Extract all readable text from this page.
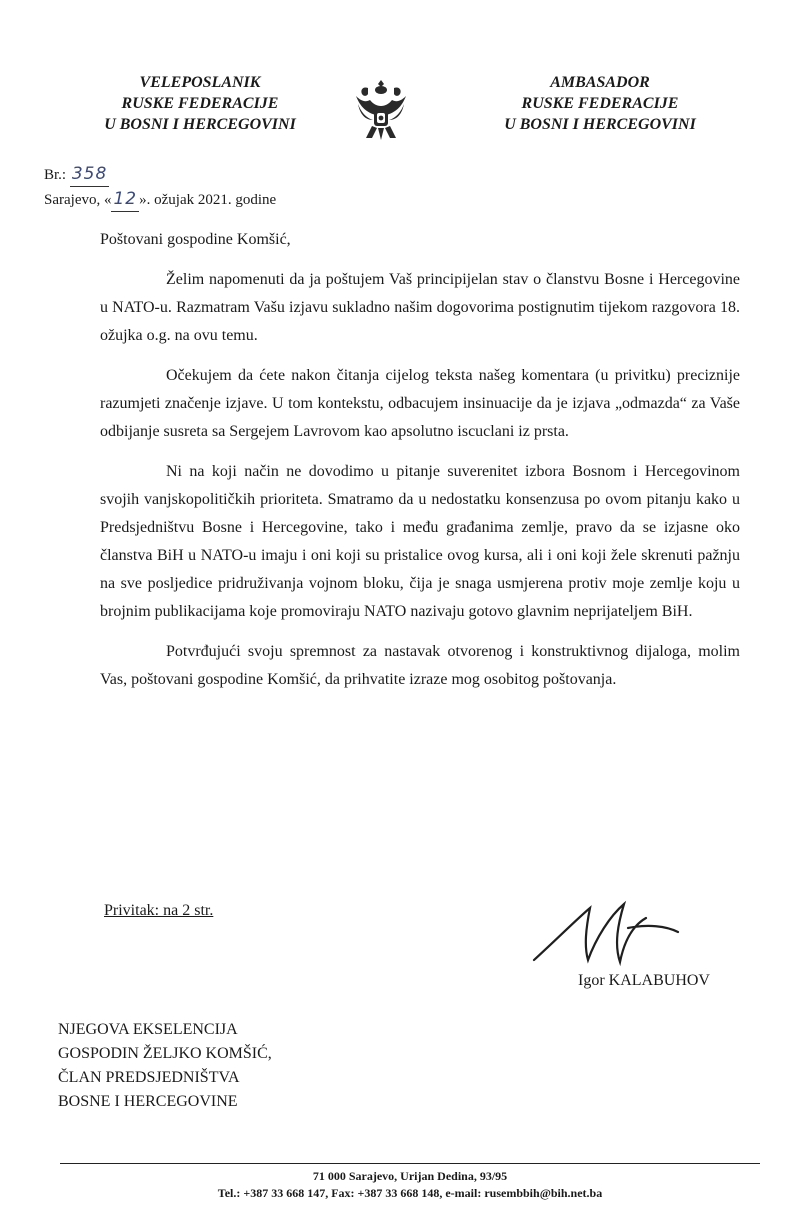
VELEPOSLANIK
RUSKE FEDERACIJE
U BOSNI I HERCEGOVINI
AMBASADOR
RUSKE FEDERACIJE
U BOSNI I HERCEGOVINI
Br.: 358
Sarajevo, « 12 ». ožujak 2021. godine

Poštovani gospodine Komšić,

Želim napomenuti da ja poštujem Vaš principijelan stav o članstvu Bosne i Hercegovine u NATO-u. Razmatram Vašu izjavu sukladno našim dogovorima postignutim tijekom razgovora 18. ožujka o.g. na ovu temu.

Očekujem da ćete nakon čitanja cijelog teksta našeg komentara (u privitku) preciznije razumjeti značenje izjave. U tom kontekstu, odbacujem insinuacije da je izjava „odmazda“ za Vaše odbijanje susreta sa Sergejem Lavrovom kao apsolutno iscuclani iz prsta.

Ni na koji način ne dovodimo u pitanje suverenitet izbora Bosnom i Hercegovinom svojih vanjskopolitičkih prioriteta. Smatramo da u nedostatku konsenzusa po ovom pitanju kako u Predsjedništvu Bosne i Hercegovine, tako i među građanima zemlje, pravo da se izjasne oko članstva BiH u NATO-u imaju i oni koji su pristalice ovog kursa, ali i oni koji žele skrenuti pažnju na sve posljedice pridruživanja vojnom bloku, čija je snaga usmjerena protiv moje zemlje koju u brojnim publikacijama koje promoviraju NATO nazivaju gotovo glavnim neprijateljem BiH.

Potvrđujući svoju spremnost za nastavak otvorenog i konstruktivnog dijaloga, molim Vas, poštovani gospodine Komšić, da prihvatite izraze mog osobitog poštovanja.

Privitak: na 2 str.
Igor KALABUHOV
NJEGOVA EKSELENCIJA
GOSPODIN ŽELJKO KOMŠIĆ,
ČLAN PREDSJEDNIŠTVA
BOSNE I HERCEGOVINE
71 000 Sarajevo, Urijan Dedina, 93/95
Tel.: +387 33 668 147, Fax: +387 33 668 148, e-mail: rusembbih@bih.net.ba
